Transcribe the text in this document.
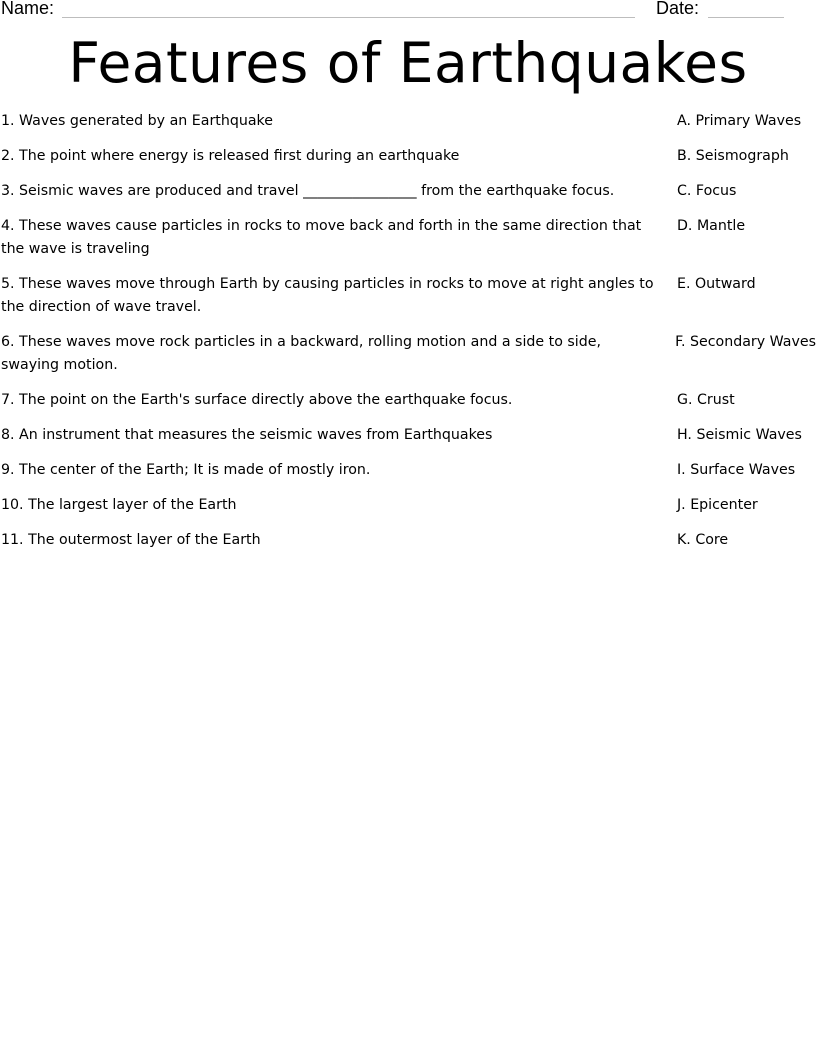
Name:	Date:
Features of Earthquakes
1. Waves generated by an Earthquake	A. Primary Waves
2. The point where energy is released first during an earthquake	B. Seismograph
3. Seismic waves are produced and travel ________________ from the earthquake focus.	C. Focus
4. These waves cause particles in rocks to move back and forth in the same direction that the wave is traveling
D. Mantle
5. These waves move through Earth by causing particles in rocks to move at right angles to the direction of wave travel.
E. Outward
6. These waves move rock particles in a backward, rolling motion and a side to side, swaying motion.
F. Secondary Waves
7. The point on the Earth's surface directly above the earthquake focus.	G. Crust
8. An instrument that measures the seismic waves from Earthquakes	H. Seismic Waves
9. The center of the Earth; It is made of mostly iron.	I. Surface Waves
10. The largest layer of the Earth	J. Epicenter
11. The outermost layer of the Earth	K. Core
